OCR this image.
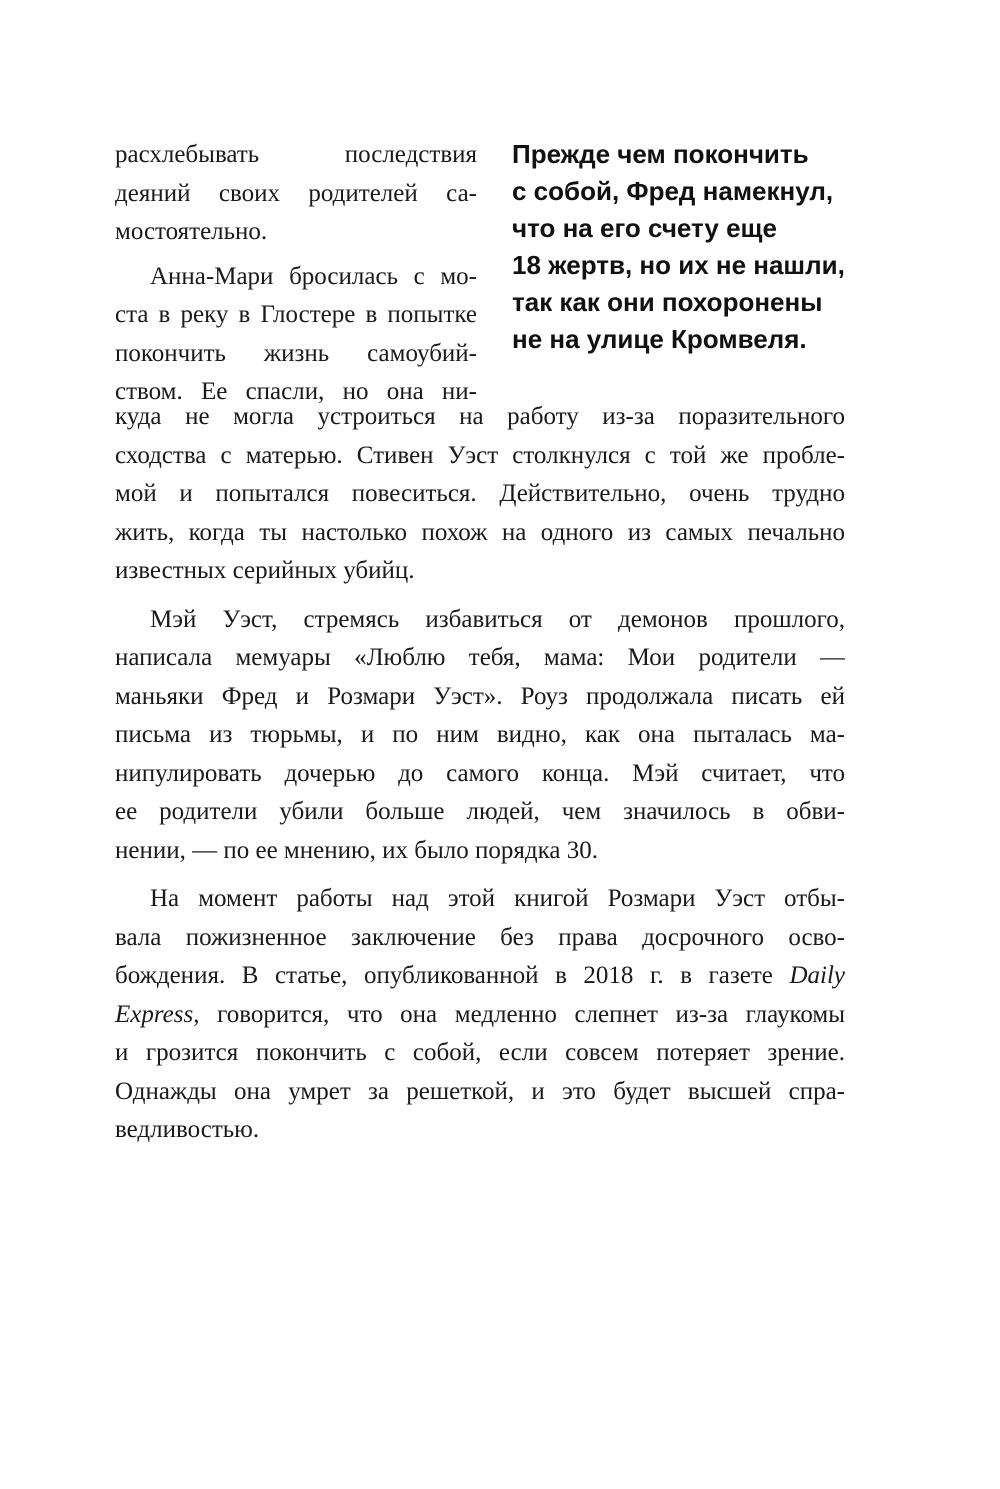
расхлебывать последствия
деяний своих родителей са-
мостоятельно.
Анна-Мари бросилась с мо-
ста в реку в Глостере в попытке
покончить жизнь самоубий-
ством. Ее спасли, но она ни-
Прежде чем покончить
с собой, Фред намекнул,
что на его счету еще
18 жертв, но их не нашли,
так как они похоронены
не на улице Кромвеля.
куда не могла устроиться на работу из-за поразительного
сходства с матерью. Стивен Уэст столкнулся с той же пробле-
мой и попытался повеситься. Действительно, очень трудно
жить, когда ты настолько похож на одного из самых печально
известных серийных убийц.
Мэй Уэст, стремясь избавиться от демонов прошлого,
написала мемуары «Люблю тебя, мама: Мои родители —
маньяки Фред и Розмари Уэст». Роуз продолжала писать ей
письма из тюрьмы, и по ним видно, как она пыталась ма-
нипулировать дочерью до самого конца. Мэй считает, что
ее родители убили больше людей, чем значилось в обви-
нении, — по ее мнению, их было порядка 30.
На момент работы над этой книгой Розмари Уэст отбы-
вала пожизненное заключение без права досрочного осво-
бождения. В статье, опубликованной в 2018 г. в газете Daily
Express, говорится, что она медленно слепнет из-за глаукомы
и грозится покончить с собой, если совсем потеряет зрение.
Однажды она умрет за решеткой, и это будет высшей спра-
ведливостью.
